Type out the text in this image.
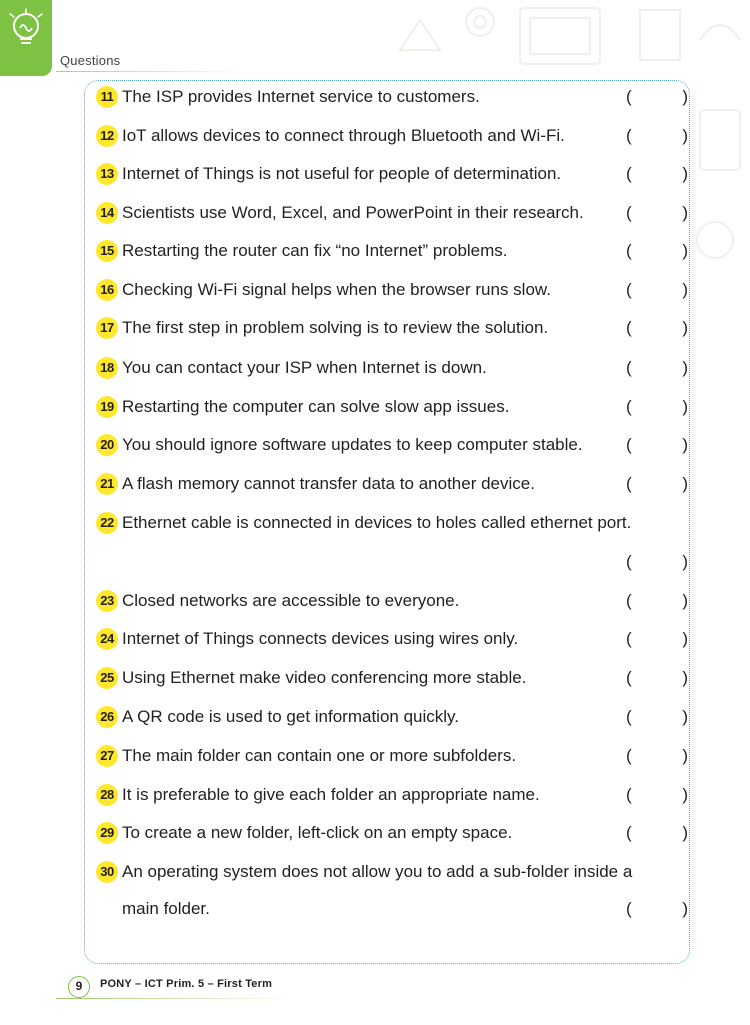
Questions
11 The ISP provides Internet service to customers.	(	)
12 IoT allows devices to connect through Bluetooth and Wi-Fi.	(	)
13 Internet of Things is not useful for people of determination.	(	)
14 Scientists use Word, Excel, and PowerPoint in their research. (	)
15 Restarting the router can fix “no Internet” problems.	(	)
16 Checking Wi-Fi signal helps when the browser runs slow.	(	)
17 The first step in problem solving is to review the solution.	(	)
18 You can contact your ISP when Internet is down.	(	)
19 Restarting the computer can solve slow app issues.	(	)
20 You should ignore software updates to keep computer stable.	(	)
21 A flash memory cannot transfer data to another device.	(	)
22 Ethernet cable is connected in devices to holes called ethernet port.
(	)
23 Closed networks are accessible to everyone.	(	)
24 Internet of Things connects devices using wires only.	(	)
25 Using Ethernet make video conferencing more stable.	(	)
26 A QR code is used to get information quickly.	(	)
27 The main folder can contain one or more subfolders.	(	)
28 It is preferable to give each folder an appropriate name.	(	)
29 To create a new folder, left-click on an empty space.	(	)
30 An operating system does not allow you to add a sub-folder inside a
main folder.	(	)
9	PONY – ICT Prim. 5 – First Term
